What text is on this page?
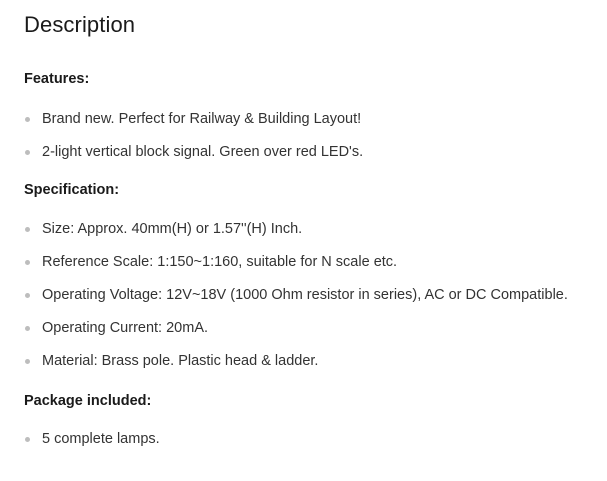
Description
Features:
Brand new. Perfect for Railway & Building Layout!
2-light vertical block signal. Green over red LED's.
Specification:
Size: Approx. 40mm(H) or 1.57''(H) Inch.
Reference Scale: 1:150~1:160, suitable for N scale etc.
Operating Voltage: 12V~18V (1000 Ohm resistor in series), AC or DC Compatible.
Operating Current: 20mA.
Material: Brass pole. Plastic head & ladder.
Package included:
5 complete lamps.
